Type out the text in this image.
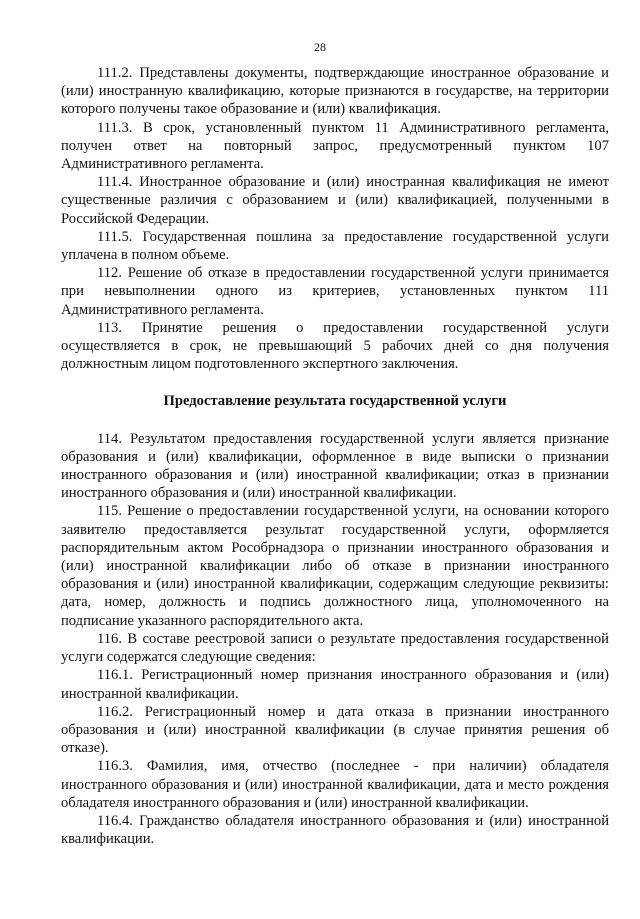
28

111.2. Представлены документы, подтверждающие иностранное образование и (или) иностранную квалификацию, которые признаются в государстве, на территории которого получены такое образование и (или) квалификация.

111.3. В срок, установленный пунктом 11 Административного регламента, получен ответ на повторный запрос, предусмотренный пунктом 107 Административного регламента.

111.4. Иностранное образование и (или) иностранная квалификация не имеют существенные различия с образованием и (или) квалификацией, полученными в Российской Федерации.

111.5. Государственная пошлина за предоставление государственной услуги уплачена в полном объеме.

112. Решение об отказе в предоставлении государственной услуги принимается при невыполнении одного из критериев, установленных пунктом 111 Административного регламента.

113. Принятие решения о предоставлении государственной услуги осуществляется в срок, не превышающий 5 рабочих дней со дня получения должностным лицом подготовленного экспертного заключения.

Предоставление результата государственной услуги

114. Результатом предоставления государственной услуги является признание образования и (или) квалификации, оформленное в виде выписки о признании иностранного образования и (или) иностранной квалификации; отказ в признании иностранного образования и (или) иностранной квалификации.

115. Решение о предоставлении государственной услуги, на основании которого заявителю предоставляется результат государственной услуги, оформляется распорядительным актом Рособрнадзора о признании иностранного образования и (или) иностранной квалификации либо об отказе в признании иностранного образования и (или) иностранной квалификации, содержащим следующие реквизиты: дата, номер, должность и подпись должностного лица, уполномоченного на подписание указанного распорядительного акта.

116. В составе реестровой записи о результате предоставления государственной услуги содержатся следующие сведения:

116.1. Регистрационный номер признания иностранного образования и (или) иностранной квалификации.

116.2. Регистрационный номер и дата отказа в признании иностранного образования и (или) иностранной квалификации (в случае принятия решения об отказе).

116.3. Фамилия, имя, отчество (последнее - при наличии) обладателя иностранного образования и (или) иностранной квалификации, дата и место рождения обладателя иностранного образования и (или) иностранной квалификации.

116.4. Гражданство обладателя иностранного образования и (или) иностранной квалификации.
